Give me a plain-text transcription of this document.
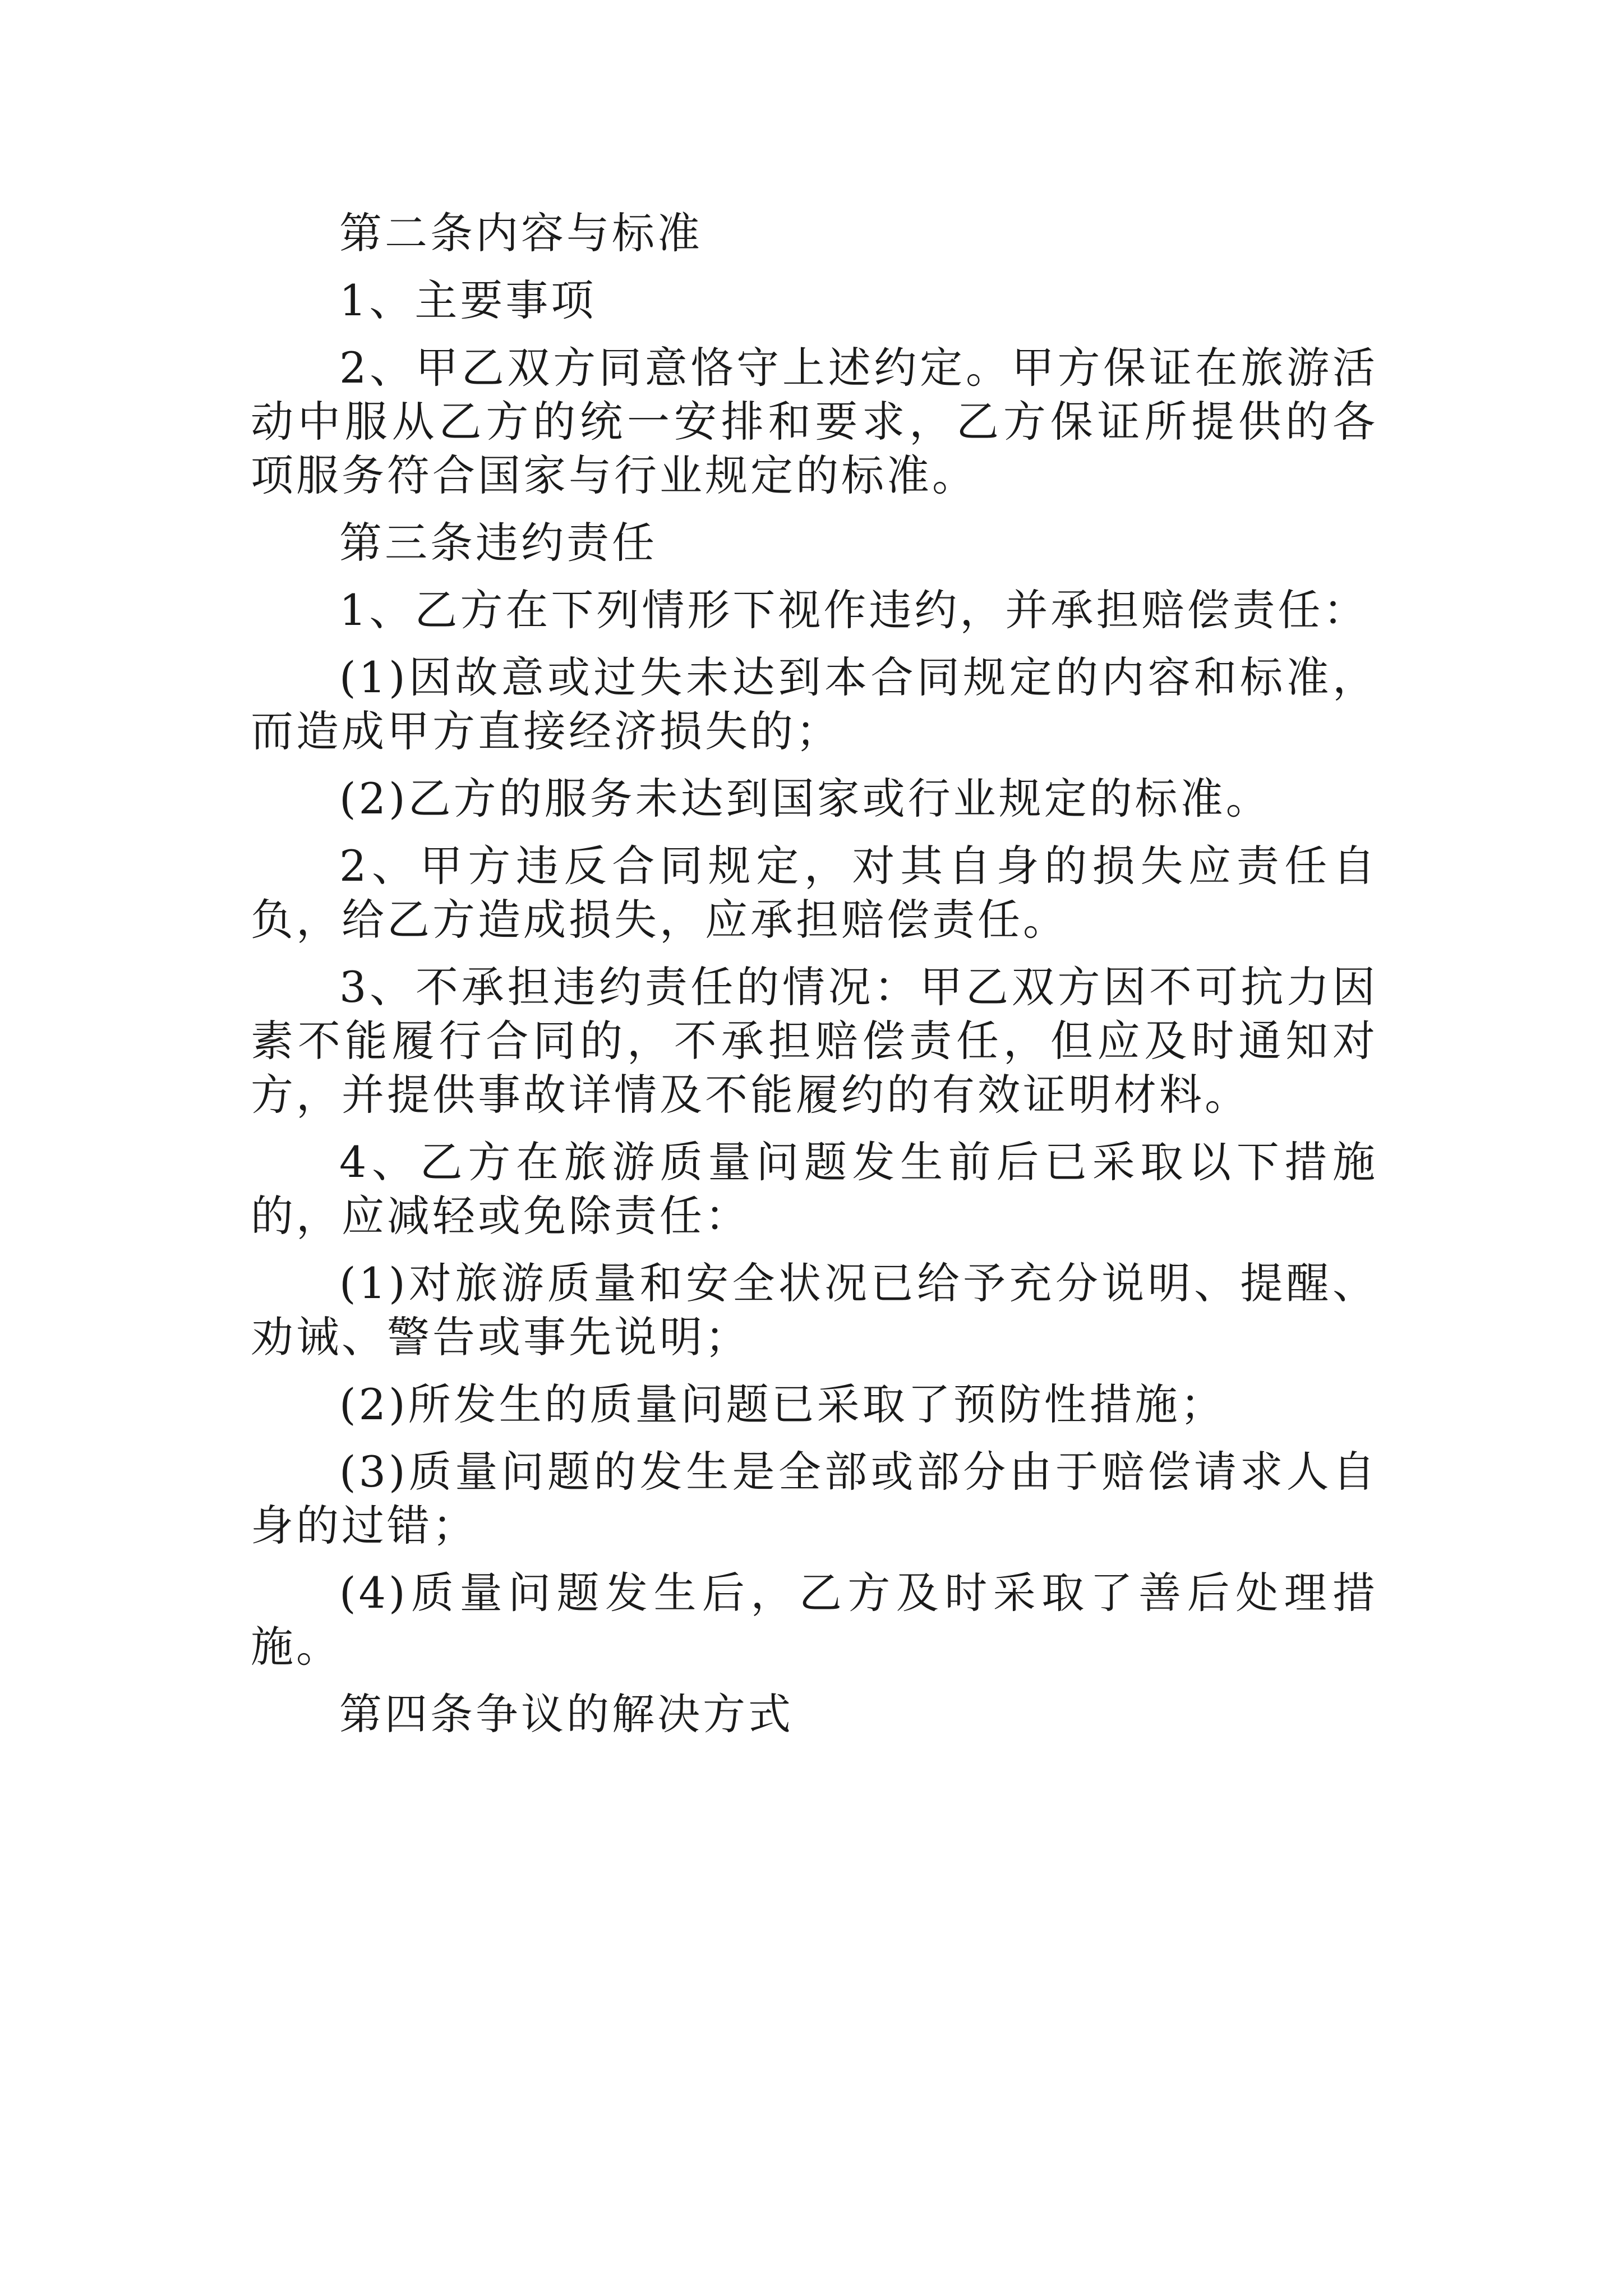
第二条内容与标准

1、主要事项

2、甲乙双方同意恪守上述约定。甲方保证在旅游活动中服从乙方的统一安排和要求，乙方保证所提供的各项服务符合国家与行业规定的标准。

第三条违约责任

1、乙方在下列情形下视作违约，并承担赔偿责任：

(1)因故意或过失未达到本合同规定的内容和标准，而造成甲方直接经济损失的；

(2)乙方的服务未达到国家或行业规定的标准。

2、甲方违反合同规定，对其自身的损失应责任自负，给乙方造成损失，应承担赔偿责任。

3、不承担违约责任的情况：甲乙双方因不可抗力因素不能履行合同的，不承担赔偿责任，但应及时通知对方，并提供事故详情及不能履约的有效证明材料。

4、乙方在旅游质量问题发生前后已采取以下措施的，应减轻或免除责任：

(1)对旅游质量和安全状况已给予充分说明、提醒、劝诫、警告或事先说明；

(2)所发生的质量问题已采取了预防性措施；

(3)质量问题的发生是全部或部分由于赔偿请求人自身的过错；

(4)质量问题发生后，乙方及时采取了善后处理措施。

第四条争议的解决方式
